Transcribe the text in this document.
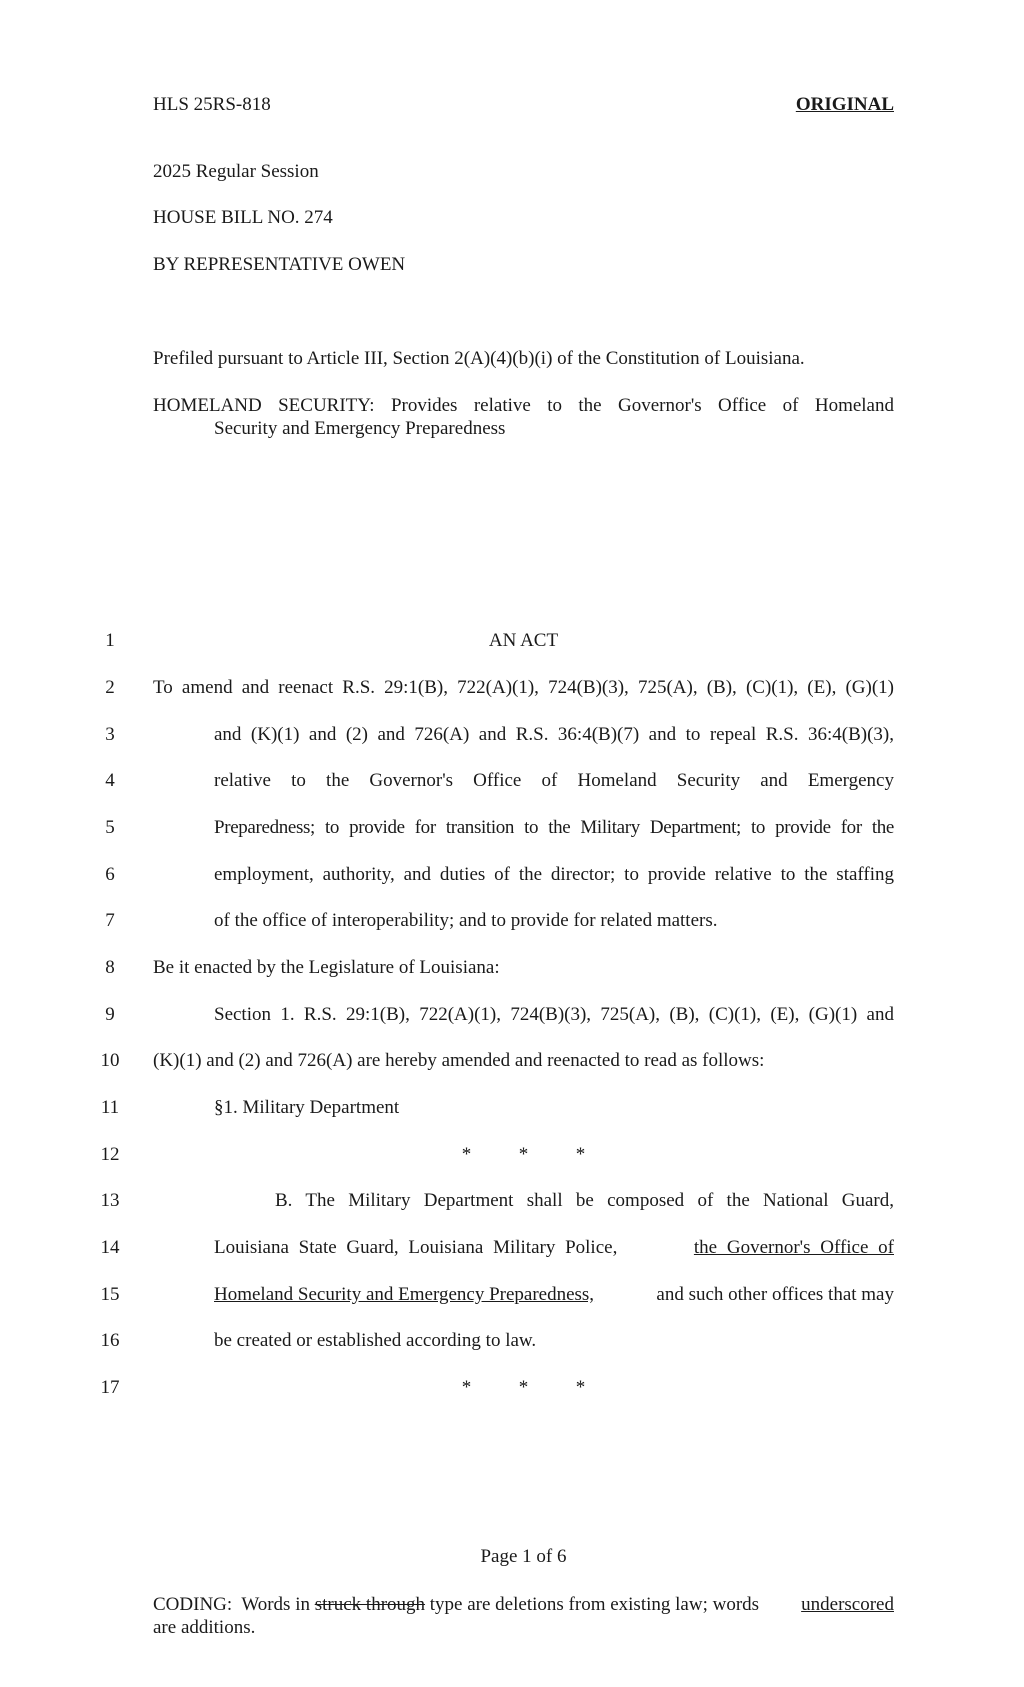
HLS 25RS-818	ORIGINAL
2025 Regular Session
HOUSE BILL NO. 274
BY REPRESENTATIVE OWEN
Prefiled pursuant to Article III, Section 2(A)(4)(b)(i) of the Constitution of Louisiana.
HOMELAND SECURITY: Provides relative to the Governor's Office of Homeland
Security and Emergency Preparedness
1
2
3
4
5
6
7
8
9
10
11
12
13
14
15
16
17
AN ACT
To amend and reenact R.S. 29:1(B), 722(A)(1), 724(B)(3), 725(A), (B), (C)(1), (E), (G)(1)
and (K)(1) and (2) and 726(A) and R.S. 36:4(B)(7) and to repeal R.S. 36:4(B)(3),
relative to the Governor's Office of Homeland Security and Emergency
Preparedness; to provide for transition to the Military Department; to provide for the
employment, authority, and duties of the director; to provide relative to the staffing
of the office of interoperability; and to provide for related matters.
Be it enacted by the Legislature of Louisiana:
Section 1. R.S. 29:1(B), 722(A)(1), 724(B)(3), 725(A), (B), (C)(1), (E), (G)(1) and
(K)(1) and (2) and 726(A) are hereby amended and reenacted to read as follows:
§1. Military Department
*          *          *
B. The Military Department shall be composed of the National Guard,
Louisiana State Guard, Louisiana Military Police,	the Governor's Office of
Homeland Security and Emergency Preparedness,	and such other offices that may
be created or established according to law.
*          *          *
Page 1 of 6
CODING:  Words in struck through type are deletions from existing law; words underscored
are additions.
